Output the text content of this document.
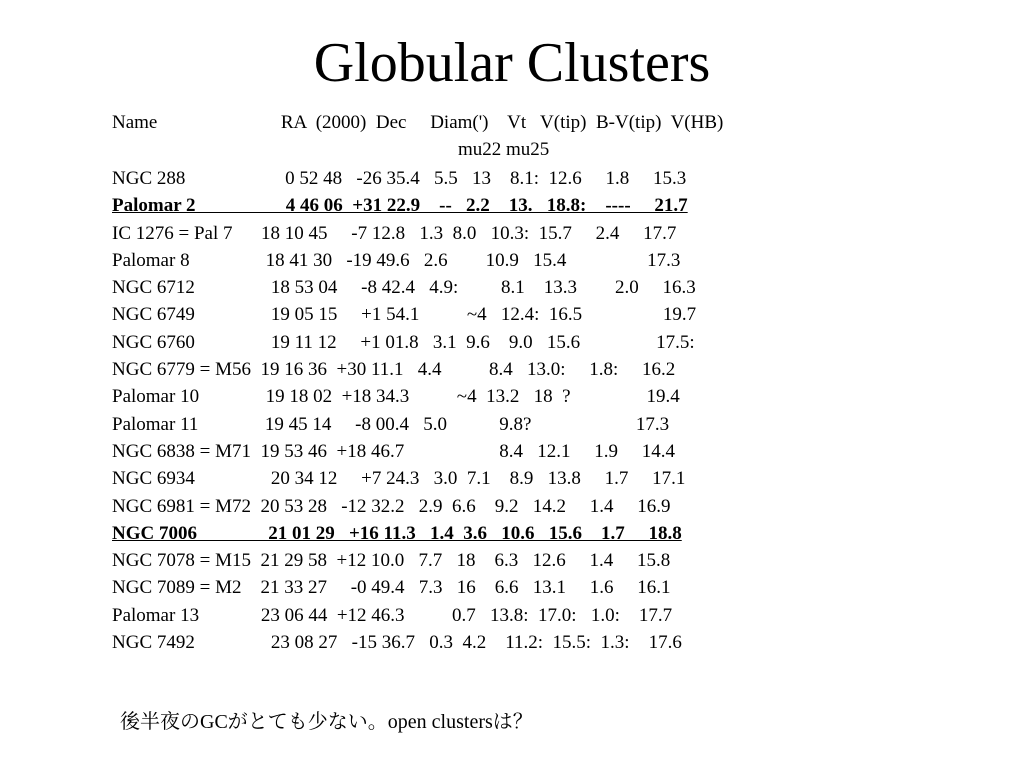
Globular Clusters
Name                          RA  (2000)  Dec     Diam(')    Vt   V(tip)  B-V(tip)  V(HB)
mu22 mu25
NGC 288                     0 52 48   -26 35.4   5.5   13    8.1:  12.6     1.8     15.3
Palomar 2                   4 46 06  +31 22.9    --   2.2    13.   18.8:    ----     21.7
IC 1276 = Pal 7      18 10 45     -7 12.8   1.3  8.0   10.3:  15.7     2.4     17.7
Palomar 8                18 41 30   -19 49.6   2.6        10.9   15.4                 17.3
NGC 6712                18 53 04     -8 42.4   4.9:         8.1    13.3        2.0     16.3
NGC 6749                19 05 15     +1 54.1          ~4   12.4:  16.5                 19.7
NGC 6760                19 11 12     +1 01.8   3.1  9.6    9.0   15.6                17.5:
NGC 6779 = M56  19 16 36  +30 11.1   4.4          8.4   13.0:     1.8:     16.2
Palomar 10              19 18 02  +18 34.3          ~4  13.2   18  ?                19.4
Palomar 11              19 45 14     -8 00.4   5.0           9.8?                      17.3
NGC 6838 = M71  19 53 46  +18 46.7                    8.4   12.1     1.9     14.4
NGC 6934                20 34 12     +7 24.3   3.0  7.1    8.9   13.8     1.7     17.1
NGC 6981 = M72  20 53 28   -12 32.2   2.9  6.6    9.2   14.2     1.4     16.9
NGC 7006               21 01 29   +16 11.3   1.4  3.6   10.6   15.6    1.7     18.8
NGC 7078 = M15  21 29 58  +12 10.0   7.7   18    6.3   12.6     1.4     15.8
NGC 7089 = M2    21 33 27     -0 49.4   7.3   16    6.6   13.1     1.6     16.1
Palomar 13             23 06 44  +12 46.3          0.7   13.8:  17.0:   1.0:    17.7
NGC 7492                23 08 27   -15 36.7   0.3  4.2    11.2:  15.5:  1.3:    17.6
後半夜のGCがとても少ない。open clustersは？
